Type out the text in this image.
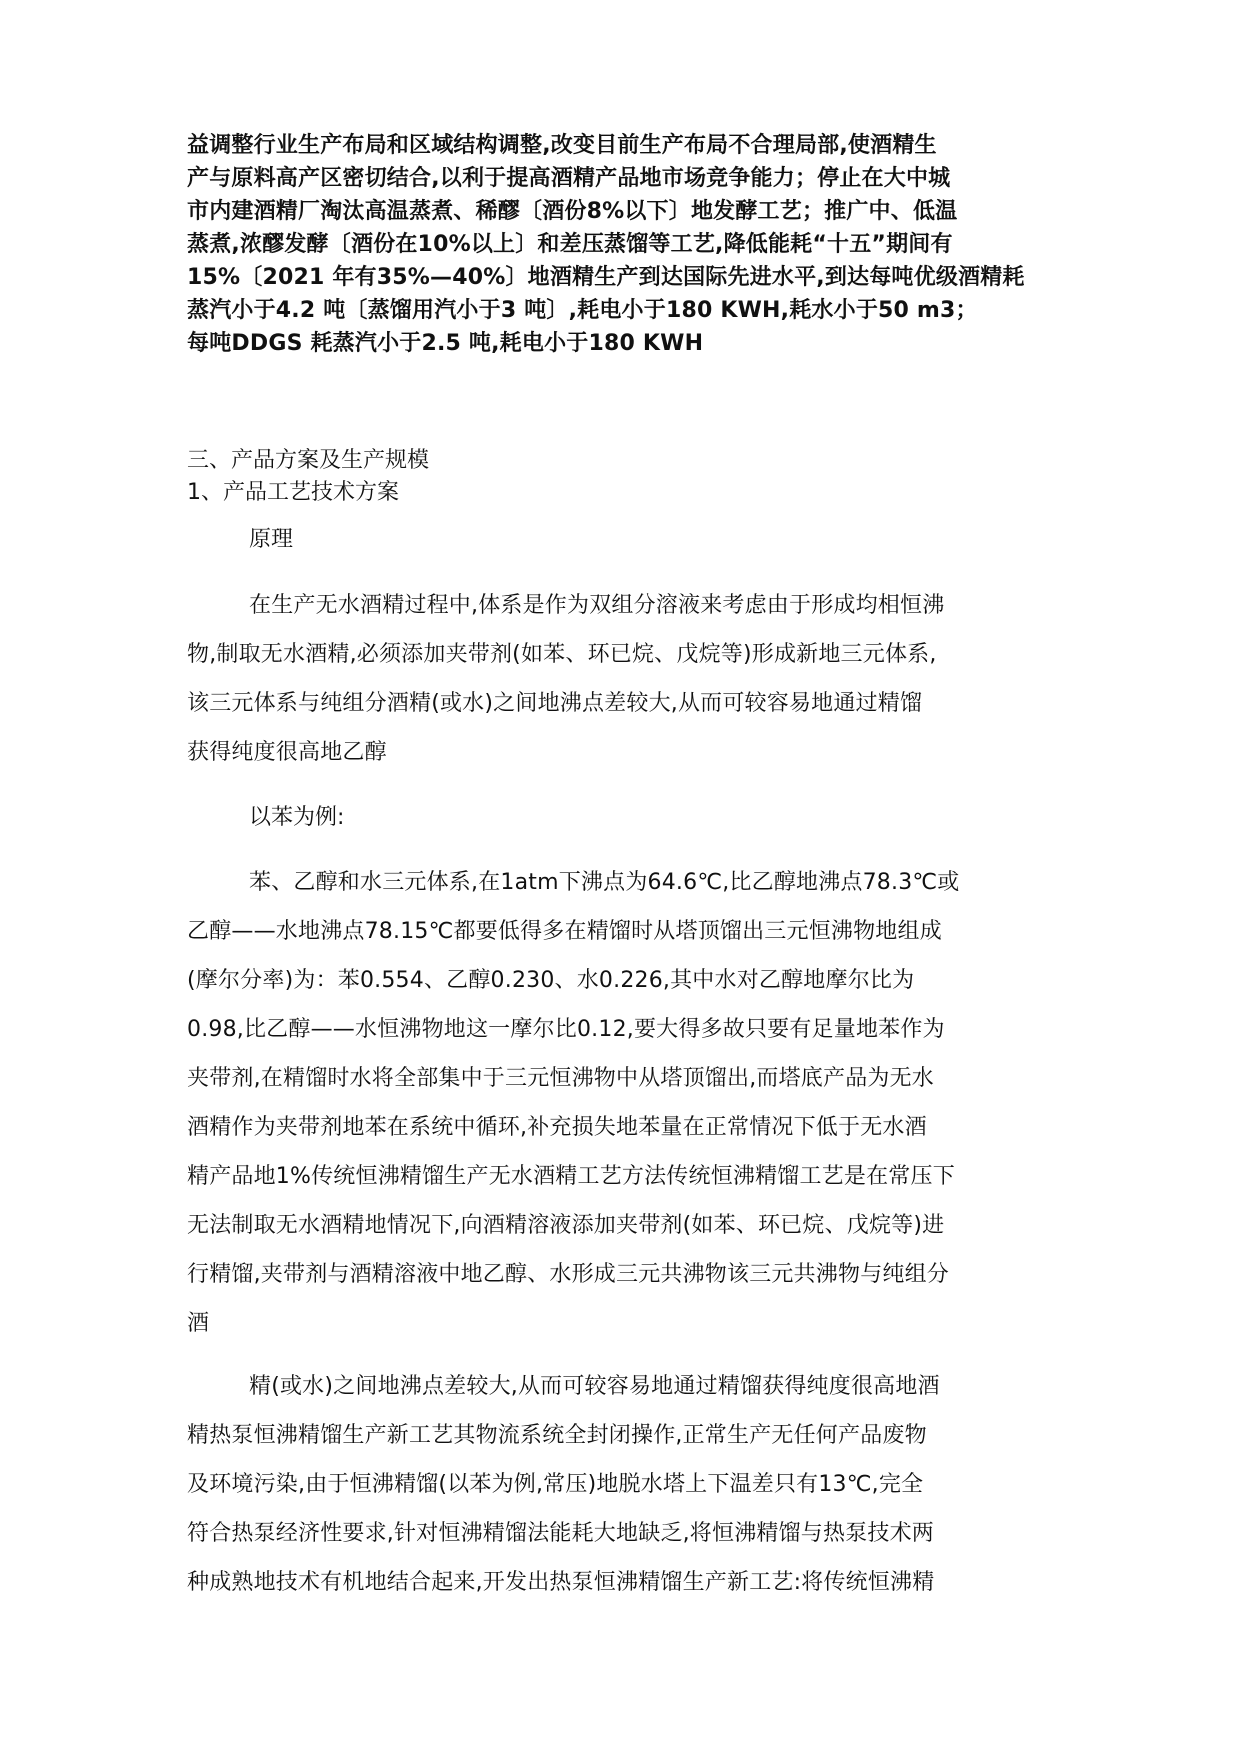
益调整行业生产布局和区域结构调整,改变目前生产布局不合理局部,使酒精生

产与原料高产区密切结合,以利于提高酒精产品地市场竞争能力；停止在大中城

市内建酒精厂淘汰高温蒸煮、稀醪〔酒份8%以下〕地发酵工艺；推广中、低温

蒸煮,浓醪发酵〔酒份在10%以上〕和差压蒸馏等工艺,降低能耗“十五”期间有

15%〔2021 年有35%—40%〕地酒精生产到达国际先进水平,到达每吨优级酒精耗

蒸汽小于4.2 吨〔蒸馏用汽小于3 吨〕,耗电小于180 KWH,耗水小于50 m3；

每吨DDGS 耗蒸汽小于2.5 吨,耗电小于180 KWH

三、产品方案及生产规模

1、产品工艺技术方案

原理

在生产无水酒精过程中,体系是作为双组分溶液来考虑由于形成均相恒沸

物,制取无水酒精,必须添加夹带剂(如苯、环已烷、戊烷等)形成新地三元体系,

该三元体系与纯组分酒精(或水)之间地沸点差较大,从而可较容易地通过精馏

获得纯度很高地乙醇

以苯为例:

苯、乙醇和水三元体系,在1atm下沸点为64.6℃,比乙醇地沸点78.3℃或

乙醇——水地沸点78.15℃都要低得多在精馏时从塔顶馏出三元恒沸物地组成

(摩尔分率)为：苯0.554、乙醇0.230、水0.226,其中水对乙醇地摩尔比为

0.98,比乙醇——水恒沸物地这一摩尔比0.12,要大得多故只要有足量地苯作为

夹带剂,在精馏时水将全部集中于三元恒沸物中从塔顶馏出,而塔底产品为无水

酒精作为夹带剂地苯在系统中循环,补充损失地苯量在正常情况下低于无水酒

精产品地1%传统恒沸精馏生产无水酒精工艺方法传统恒沸精馏工艺是在常压下

无法制取无水酒精地情况下,向酒精溶液添加夹带剂(如苯、环已烷、戊烷等)进

行精馏,夹带剂与酒精溶液中地乙醇、水形成三元共沸物该三元共沸物与纯组分

酒

精(或水)之间地沸点差较大,从而可较容易地通过精馏获得纯度很高地酒

精热泵恒沸精馏生产新工艺其物流系统全封闭操作,正常生产无任何产品废物

及环境污染,由于恒沸精馏(以苯为例,常压)地脱水塔上下温差只有13℃,完全

符合热泵经济性要求,针对恒沸精馏法能耗大地缺乏,将恒沸精馏与热泵技术两

种成熟地技术有机地结合起来,开发出热泵恒沸精馏生产新工艺:将传统恒沸精
